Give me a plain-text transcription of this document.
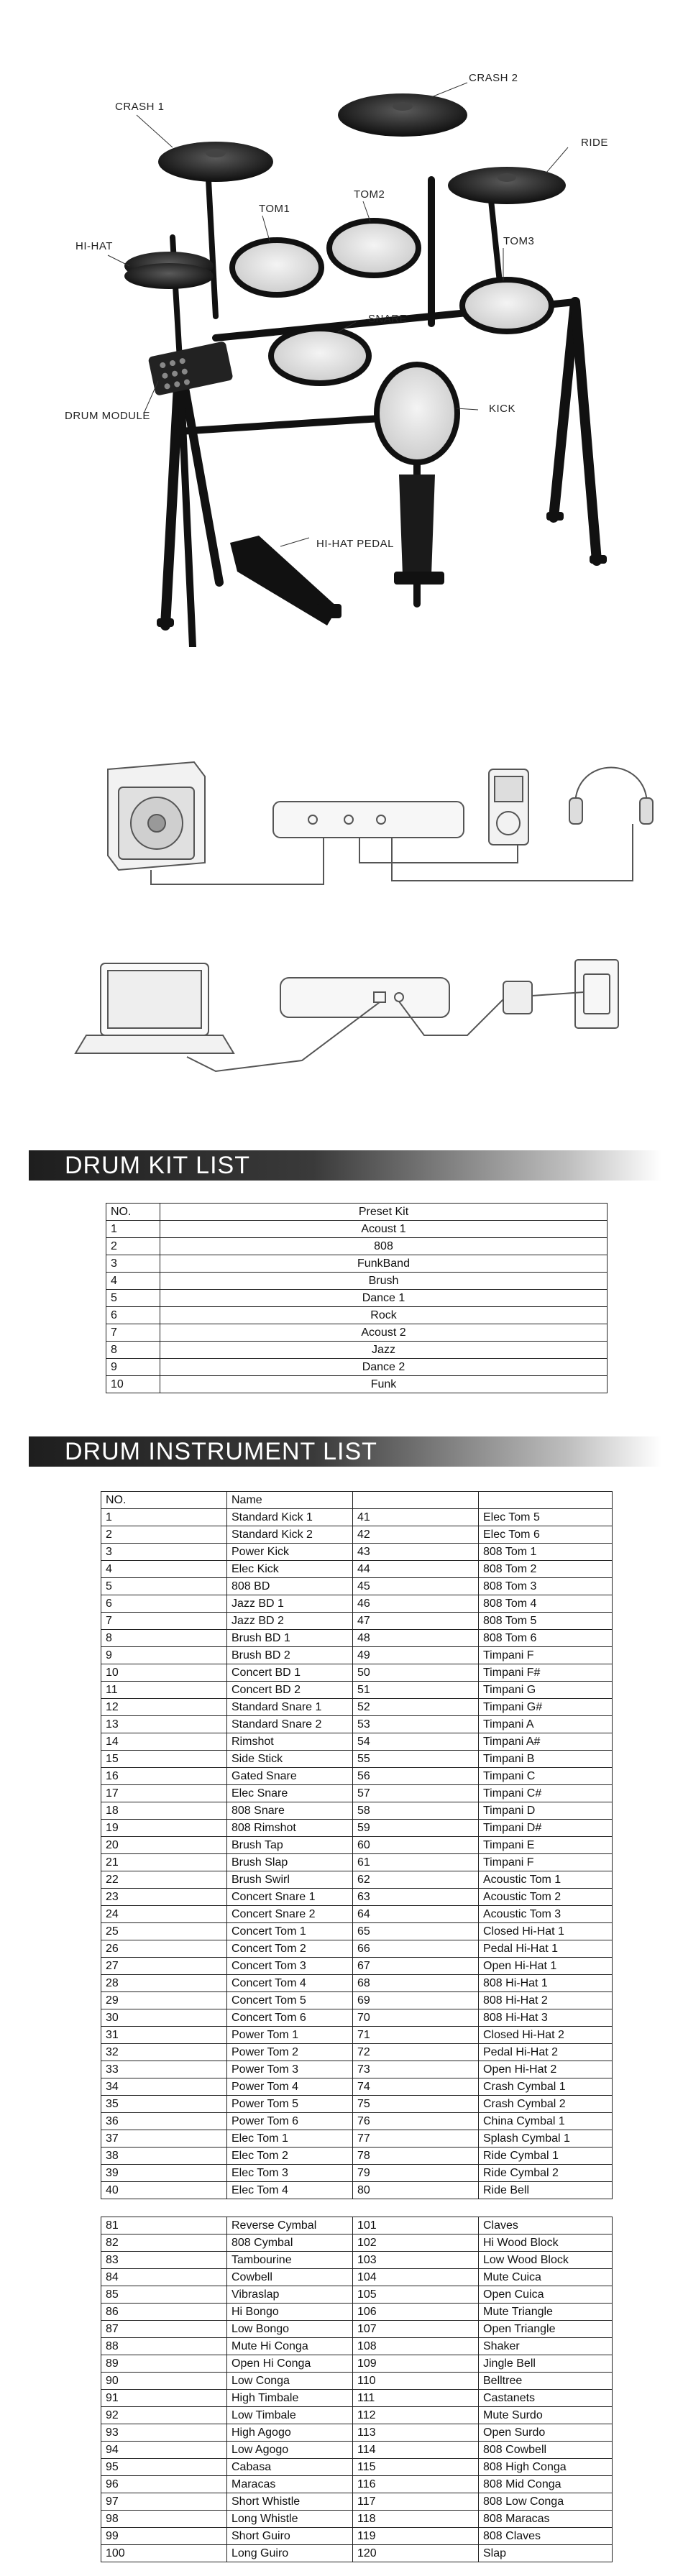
CRASH 1
CRASH 2
RIDE
TOM1
TOM2
TOM3
HI-HAT
SNARE
DRUM MODULE
KICK
HI-HAT PEDAL
DRUM KIT LIST
NO.	Preset Kit
1	Acoust 1
2	808
3	FunkBand
4	Brush
5	Dance 1
6	Rock
7	Acoust 2
8	Jazz
9	Dance 2
10	Funk
DRUM INSTRUMENT LIST
NO.	Name		
1	Standard Kick 1	41	Elec Tom 5
2	Standard Kick 2	42	Elec Tom 6
3	Power Kick	43	808 Tom 1
4	Elec Kick	44	808 Tom 2
5	808 BD	45	808 Tom 3
6	Jazz BD 1	46	808 Tom 4
7	Jazz BD 2	47	808 Tom 5
8	Brush BD 1	48	808 Tom 6
9	Brush BD 2	49	Timpani F
10	Concert BD 1	50	Timpani F#
11	Concert BD 2	51	Timpani G
12	Standard Snare 1	52	Timpani G#
13	Standard Snare 2	53	Timpani A
14	Rimshot	54	Timpani A#
15	Side Stick	55	Timpani B
16	Gated Snare	56	Timpani C
17	Elec Snare	57	Timpani C#
18	808 Snare	58	Timpani D
19	808 Rimshot	59	Timpani D#
20	Brush Tap	60	Timpani E
21	Brush Slap	61	Timpani F
22	Brush Swirl	62	Acoustic Tom 1
23	Concert Snare 1	63	Acoustic Tom 2
24	Concert Snare 2	64	Acoustic Tom 3
25	Concert Tom 1	65	Closed Hi-Hat 1
26	Concert Tom 2	66	Pedal Hi-Hat 1
27	Concert Tom 3	67	Open Hi-Hat 1
28	Concert Tom 4	68	808 Hi-Hat 1
29	Concert Tom 5	69	808 Hi-Hat 2
30	Concert Tom 6	70	808 Hi-Hat 3
31	Power Tom 1	71	Closed Hi-Hat 2
32	Power Tom 2	72	Pedal Hi-Hat 2
33	Power Tom 3	73	Open Hi-Hat 2
34	Power Tom 4	74	Crash Cymbal 1
35	Power Tom 5	75	Crash Cymbal 2
36	Power Tom 6	76	China Cymbal 1
37	Elec Tom 1	77	Splash Cymbal 1
38	Elec Tom 2	78	Ride Cymbal 1
39	Elec Tom 3	79	Ride Cymbal 2
40	Elec Tom 4	80	Ride Bell
81	Reverse Cymbal	101	Claves
82	808 Cymbal	102	Hi Wood Block
83	Tambourine	103	Low Wood Block
84	Cowbell	104	Mute Cuica
85	Vibraslap	105	Open Cuica
86	Hi Bongo	106	Mute Triangle
87	Low Bongo	107	Open Triangle
88	Mute Hi Conga	108	Shaker
89	Open Hi Conga	109	Jingle Bell
90	Low Conga	110	Belltree
91	High Timbale	111	Castanets
92	Low Timbale	112	Mute Surdo
93	High Agogo	113	Open Surdo
94	Low Agogo	114	808 Cowbell
95	Cabasa	115	808 High Conga
96	Maracas	116	808 Mid Conga
97	Short Whistle	117	808 Low Conga
98	Long Whistle	118	808 Maracas
99	Short Guiro	119	808 Claves
100	Long Guiro	120	Slap
